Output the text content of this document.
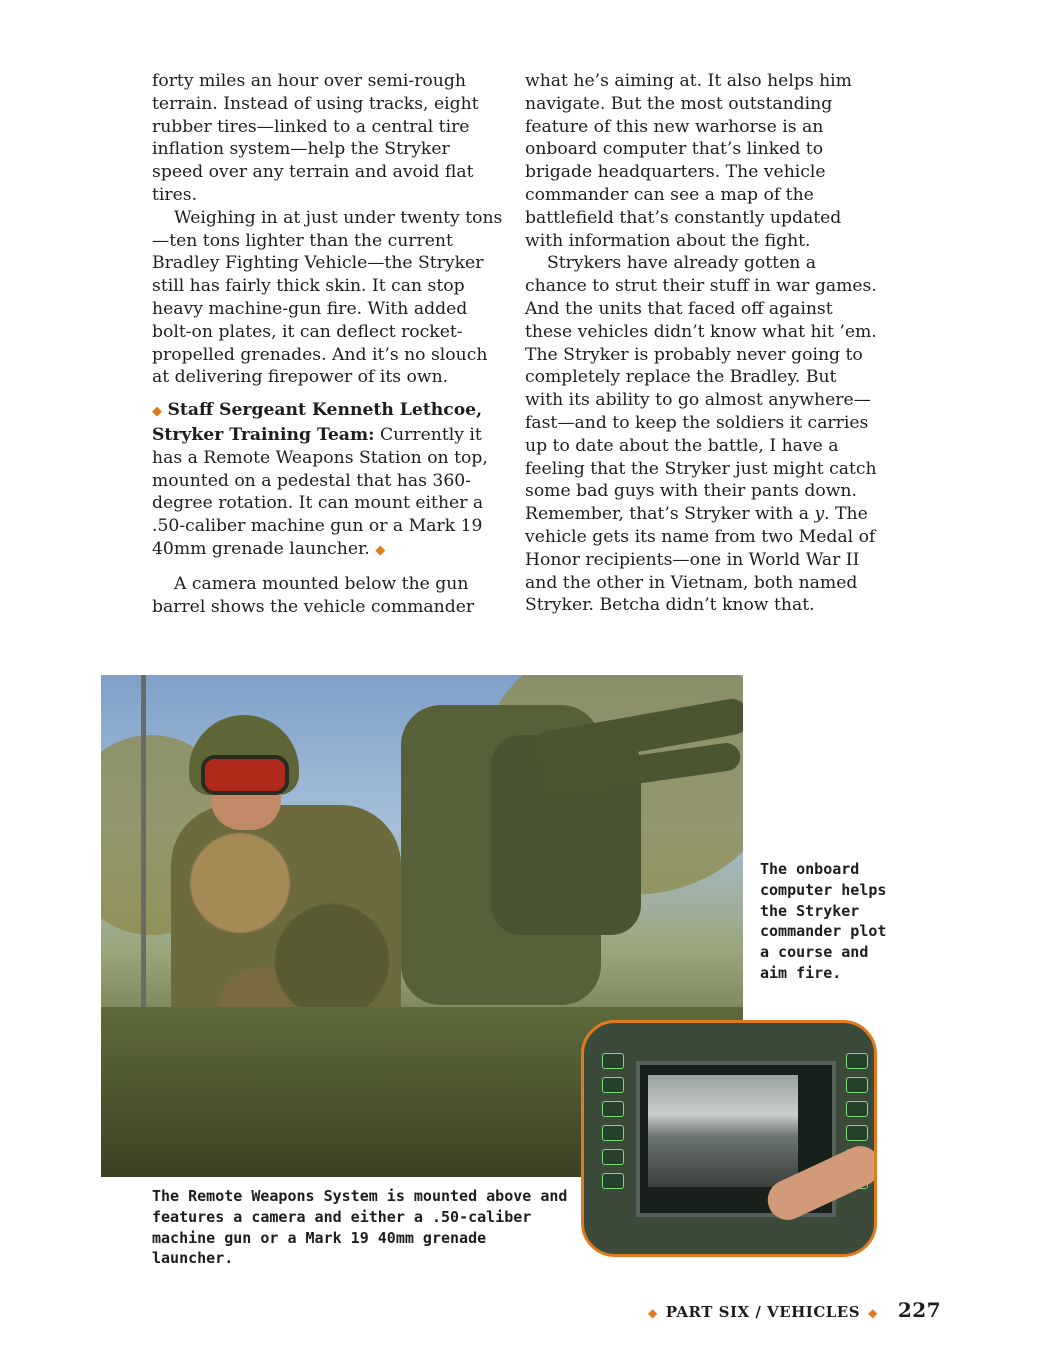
forty miles an hour over semi-rough terrain. Instead of using tracks, eight rubber tires—linked to a central tire inflation system—help the Stryker speed over any terrain and avoid flat tires.

Weighing in at just under twenty tons—ten tons lighter than the current Bradley Fighting Vehicle—the Stryker still has fairly thick skin. It can stop heavy machine-gun fire. With added bolt-on plates, it can deflect rocket-propelled grenades. And it’s no slouch at delivering firepower of its own.

◆ Staff Sergeant Kenneth Lethcoe, Stryker Training Team: Currently it has a Remote Weapons Station on top, mounted on a pedestal that has 360-degree rotation. It can mount either a .50-caliber machine gun or a Mark 19 40mm grenade launcher. ◆

A camera mounted below the gun barrel shows the vehicle commander

what he’s aiming at. It also helps him navigate. But the most outstanding feature of this new warhorse is an onboard computer that’s linked to brigade headquarters. The vehicle commander can see a map of the battlefield that’s constantly updated with information about the fight.

Strykers have already gotten a chance to strut their stuff in war games. And the units that faced off against these vehicles didn’t know what hit ’em. The Stryker is probably never going to completely replace the Bradley. But with its ability to go almost anywhere—fast—and to keep the soldiers it carries up to date about the battle, I have a feeling that the Stryker just might catch some bad guys with their pants down. Remember, that’s Stryker with a y. The vehicle gets its name from two Medal of Honor recipients—one in World War II and the other in Vietnam, both named Stryker. Betcha didn’t know that.

The onboard computer helps the Stryker commander plot a course and aim fire.
The Remote Weapons System is mounted above and features a camera and either a .50-caliber machine gun or a Mark 19 40mm grenade launcher.
◆ PART SIX / VEHICLES ◆ 227
